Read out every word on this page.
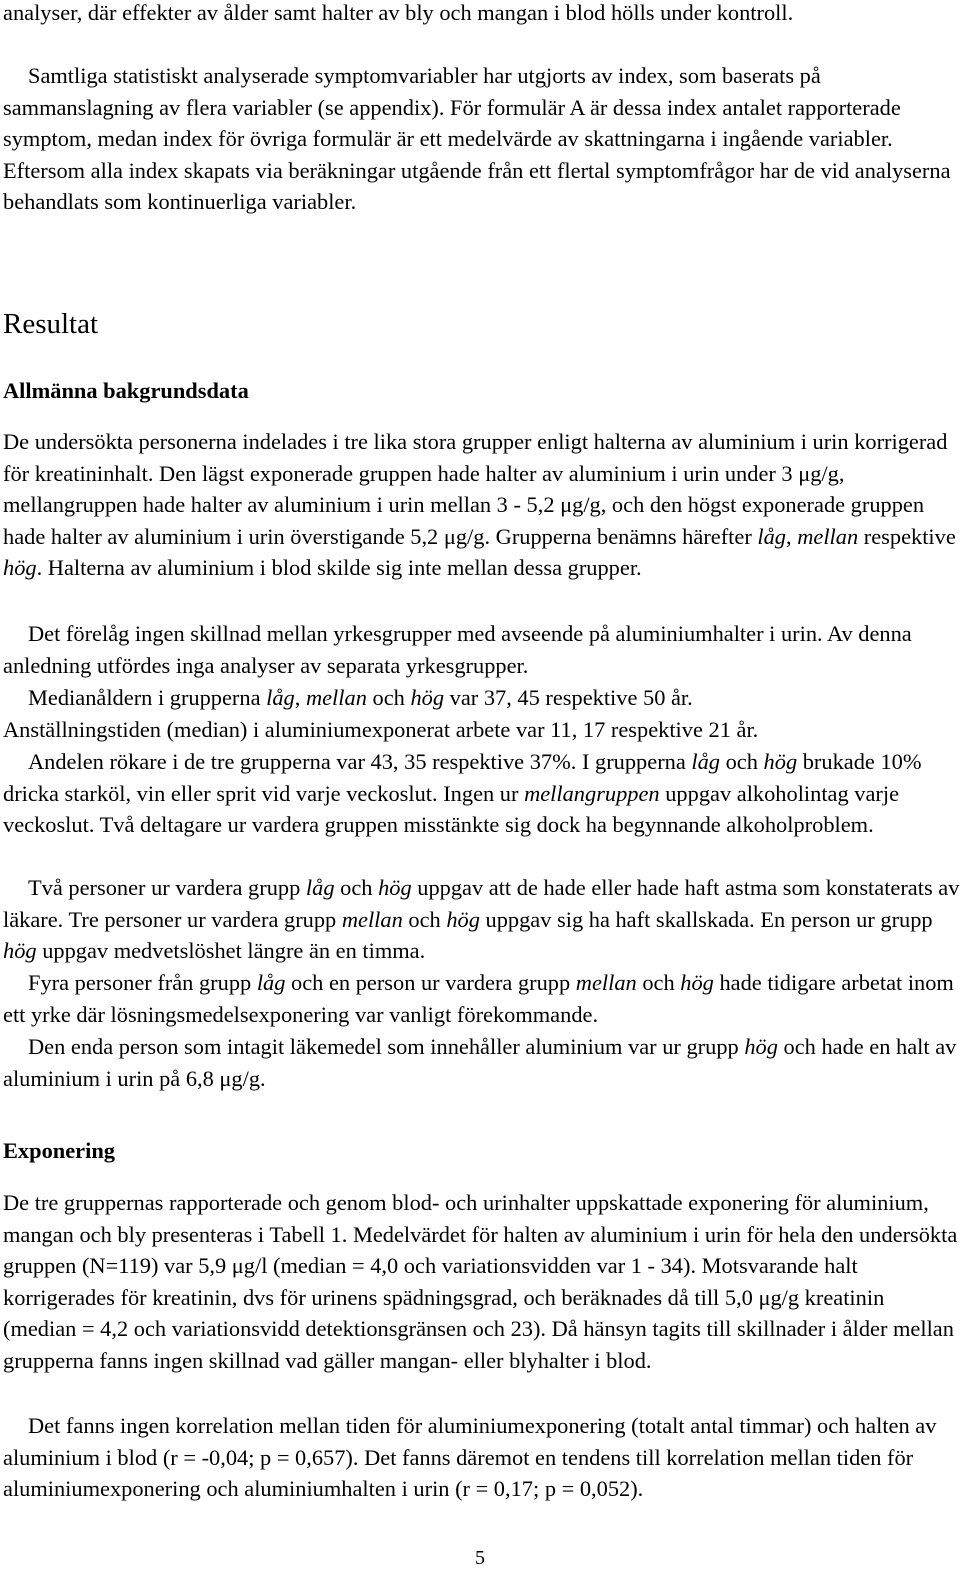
analyser, där effekter av ålder samt halter av bly och mangan i blod hölls under kontroll.

Samtliga statistiskt analyserade symptomvariabler har utgjorts av index, som baserats på sammanslagning av flera variabler (se appendix). För formulär A är dessa index antalet rapporterade symptom, medan index för övriga formulär är ett medelvärde av skattningarna i ingående variabler. Eftersom alla index skapats via beräkningar utgående från ett flertal symptomfrågor har de vid analyserna behandlats som kontinuerliga variabler.

Resultat
Allmänna bakgrundsdata

De undersökta personerna indelades i tre lika stora grupper enligt halterna av aluminium i urin korrigerad för kreatininhalt. Den lägst exponerade gruppen hade halter av aluminium i urin under 3 μg/g, mellangruppen hade halter av aluminium i urin mellan 3 - 5,2 μg/g, och den högst exponerade gruppen hade halter av aluminium i urin överstigande 5,2 μg/g. Grupperna benämns härefter låg, mellan respektive hög. Halterna av aluminium i blod skilde sig inte mellan dessa grupper.

Det förelåg ingen skillnad mellan yrkesgrupper med avseende på aluminiumhalter i urin. Av denna anledning utfördes inga analyser av separata yrkesgrupper.

Medianåldern i grupperna låg, mellan och hög var 37, 45 respektive 50 år.

Anställningstiden (median) i aluminiumexponerat arbete var 11, 17 respektive 21 år.

Andelen rökare i de tre grupperna var 43, 35 respektive 37%. I grupperna låg och hög brukade 10% dricka starköl, vin eller sprit vid varje veckoslut. Ingen ur mellangruppen uppgav alkoholintag varje veckoslut. Två deltagare ur vardera gruppen misstänkte sig dock ha begynnande alkoholproblem.

Två personer ur vardera grupp låg och hög uppgav att de hade eller hade haft astma som konstaterats av läkare. Tre personer ur vardera grupp mellan och hög uppgav sig ha haft skallskada. En person ur grupp hög uppgav medvetslöshet längre än en timma.

Fyra personer från grupp låg och en person ur vardera grupp mellan och hög hade tidigare arbetat inom ett yrke där lösningsmedelsexponering var vanligt förekommande.

Den enda person som intagit läkemedel som innehåller aluminium var ur grupp hög och hade en halt av aluminium i urin på 6,8 μg/g.

Exponering

De tre gruppernas rapporterade och genom blod- och urinhalter uppskattade exponering för aluminium, mangan och bly presenteras i Tabell 1. Medelvärdet för halten av aluminium i urin för hela den undersökta gruppen (N=119) var 5,9 μg/l (median = 4,0 och variationsvidden var 1 - 34). Motsvarande halt korrigerades för kreatinin, dvs för urinens spädningsgrad, och beräknades då till 5,0 μg/g kreatinin (median = 4,2 och variationsvidd detektionsgränsen och 23). Då hänsyn tagits till skillnader i ålder mellan grupperna fanns ingen skillnad vad gäller mangan- eller blyhalter i blod.

Det fanns ingen korrelation mellan tiden för aluminiumexponering (totalt antal timmar) och halten av aluminium i blod (r = -0,04; p = 0,657). Det fanns däremot en tendens till korrelation mellan tiden för aluminiumexponering och aluminiumhalten i urin (r = 0,17; p = 0,052).

5
